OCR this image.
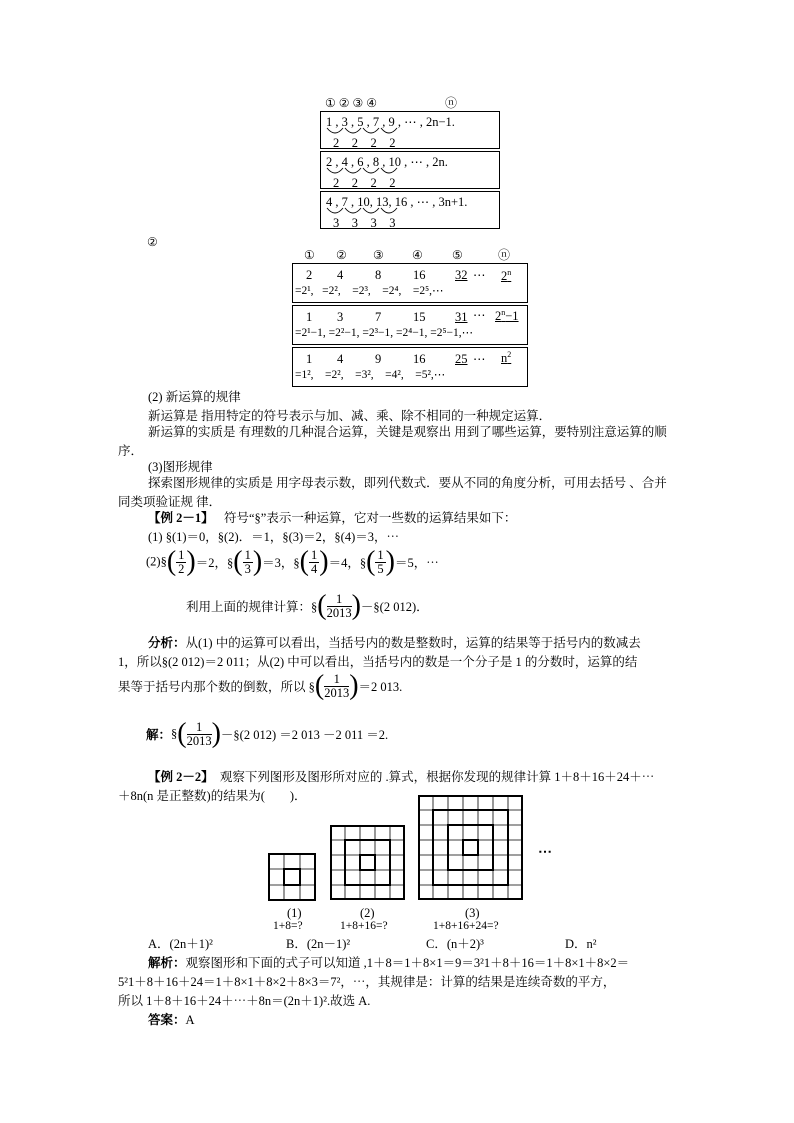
① ② ③ ④	ⓝ
1 , 3 , 5 , 7 , 9 , ⋯ , 2n−1.
2    2    2    2
2 , 4 , 6 , 8 , 10 , ⋯ , 2n.
2    2    2    2
4 , 7 , 10, 13, 16 , ⋯ , 3n+1.
3    3    3    3
②
① ② ③ ④ ⑤	ⓝ
2 4	8	16 32 ⋯ $2^n$
=2¹,   =2²,    =2³,    =2⁴,    =2⁵,⋯
1 3	7	15 31 ⋯ $2^n-1$
=2¹−1, =2²−1, =2³−1, =2⁴−1, =2⁵−1,⋯
1 4	9	16 25 ⋯ $n^2$
=1²,    =2²,    =3²,    =4²,    =5²,⋯
(2) 新运算的规律
新运算是 指用特定的符号表示与加、减、乘、除不相同的一种规定运算．
新运算的实质是 有理数的几种混合运算，关键是观察出 用到了哪些运算，要特别注意运算的顺序．
(3)图形规律
探索图形规律的实质是 用字母表示数，即列代数式．要从不同的角度分析，可用去括号 、合并同类项验证规 律．
【例 2－1】 符号“§”表示一种运算，它对一些数的运算结果如下：
(1) §(1)＝0，§(2)．＝1，§(3)＝2，§(4)＝3，⋯
(2)§( $\frac{1}{2} )=2$，§( $\frac{1}{3} )=3$，§( $\frac{1}{4} )=4$，§( $\frac{1}{5} )=5$，⋯
利用上面的规律计算：§( $\frac{1}{2013}$ )－§(2 012)．
分析：从(1) 中的运算可以看出，当括号内的数是整数时，运算的结果等于括号内的数减去
1，所以§(2 012)＝2 011；从(2) 中可以看出，当括号内的数是一个分子是 1 的分数时，运算的结
果等于括号内那个数的倒数，所以 §( $\frac{1}{2013} )=2$ 013.
解：§( $\frac{1}{2013}$ )－§(2 012) ＝2 013 －2 011 ＝2.
【例 2－2】 观察下列图形及图形所对应的 .算式，根据你发现的规律计算 1＋8＋16＋24＋⋯
＋8n(n 是正整数)的结果为(　　)．
(1)
1+8=?
(2)
1+8+16=?
⋯
(3)
1+8+16+24=?
A．(2n＋1)²	B．(2n－1)²	C．(n＋2)³	D．n²
解析：观察图形和下面的式子可以知道 ,1＋8＝1＋8×1＝9＝3²1＋8＋16＝1＋8×1＋8×2＝
5²1＋8＋16＋24＝1＋8×1＋8×2＋8×3＝7²，⋯，其规律是：计算的结果是连续奇数的平方，
所以 1＋8＋16＋24＋⋯＋8n＝(2n＋1)².故选 A.
答案：A
